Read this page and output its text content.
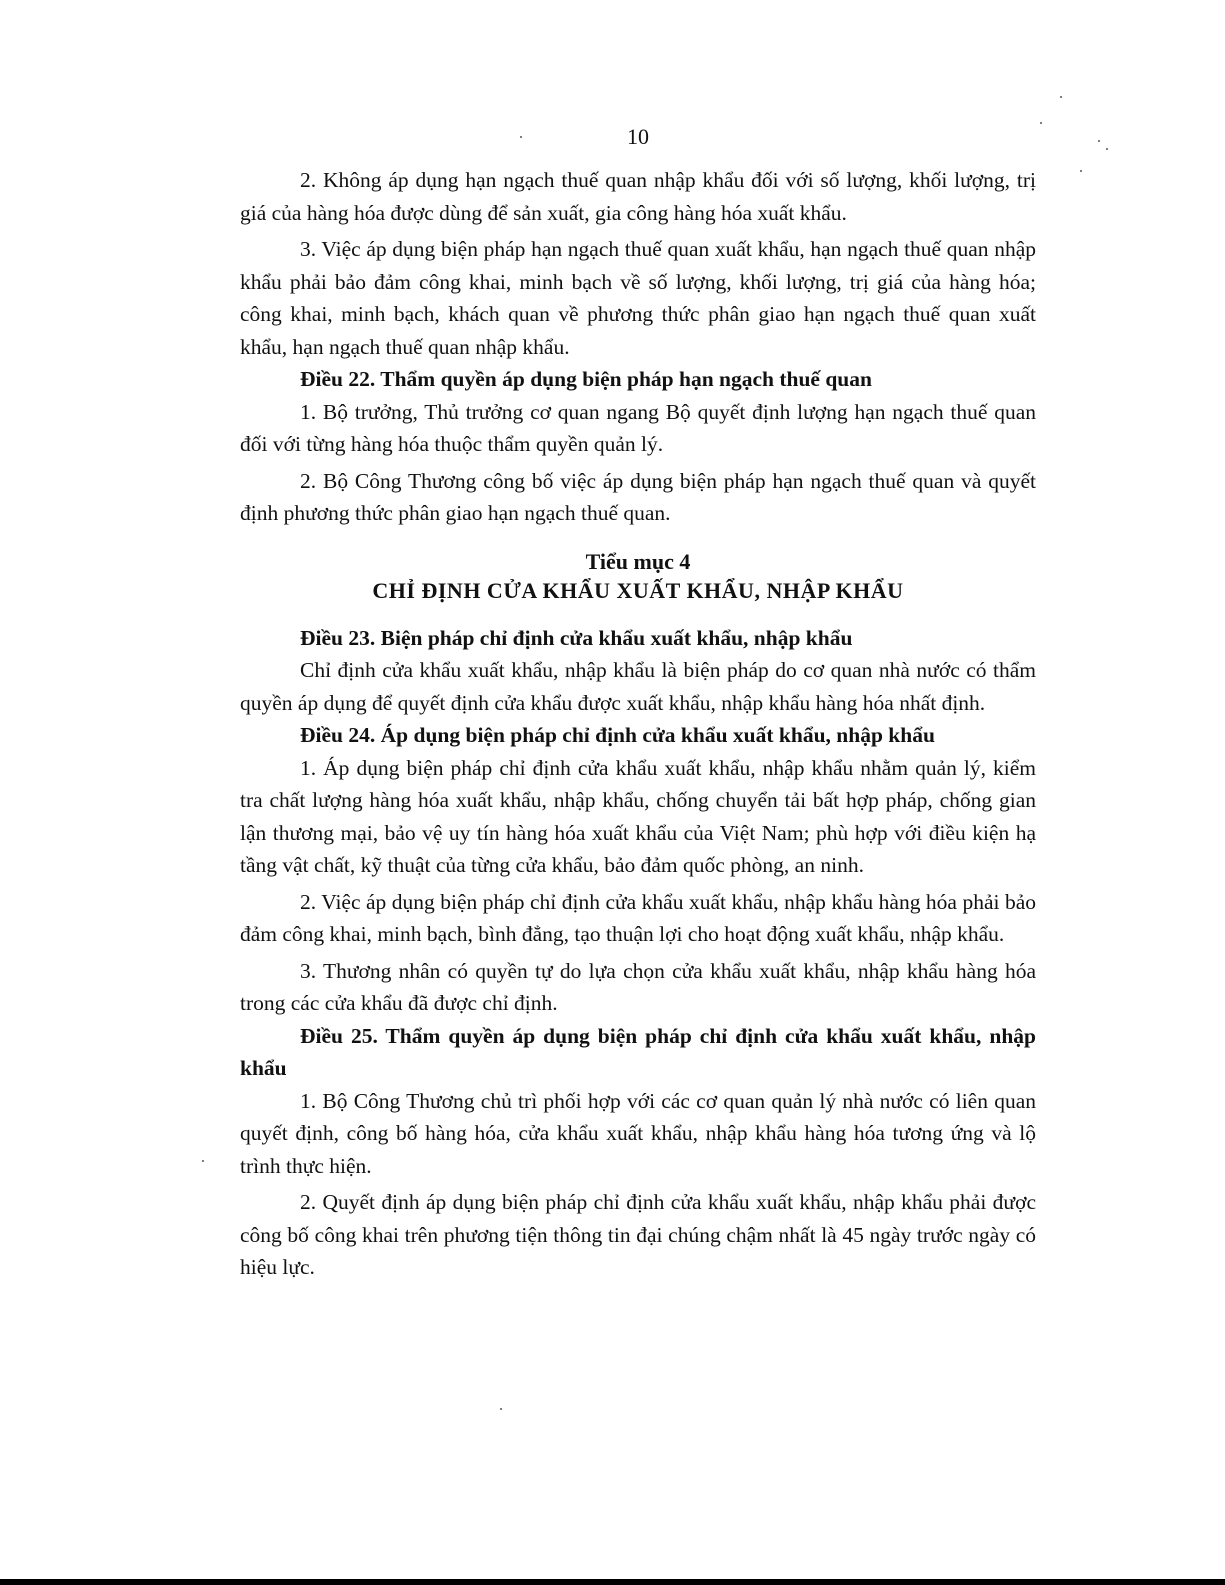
10

2. Không áp dụng hạn ngạch thuế quan nhập khẩu đối với số lượng, khối lượng, trị giá của hàng hóa được dùng để sản xuất, gia công hàng hóa xuất khẩu.

3. Việc áp dụng biện pháp hạn ngạch thuế quan xuất khẩu, hạn ngạch thuế quan nhập khẩu phải bảo đảm công khai, minh bạch về số lượng, khối lượng, trị giá của hàng hóa; công khai, minh bạch, khách quan về phương thức phân giao hạn ngạch thuế quan xuất khẩu, hạn ngạch thuế quan nhập khẩu.

Điều 22. Thẩm quyền áp dụng biện pháp hạn ngạch thuế quan

1. Bộ trưởng, Thủ trưởng cơ quan ngang Bộ quyết định lượng hạn ngạch thuế quan đối với từng hàng hóa thuộc thẩm quyền quản lý.

2. Bộ Công Thương công bố việc áp dụng biện pháp hạn ngạch thuế quan và quyết định phương thức phân giao hạn ngạch thuế quan.

Tiểu mục 4

CHỈ ĐỊNH CỬA KHẨU XUẤT KHẨU, NHẬP KHẨU

Điều 23. Biện pháp chỉ định cửa khẩu xuất khẩu, nhập khẩu

Chỉ định cửa khẩu xuất khẩu, nhập khẩu là biện pháp do cơ quan nhà nước có thẩm quyền áp dụng để quyết định cửa khẩu được xuất khẩu, nhập khẩu hàng hóa nhất định.

Điều 24. Áp dụng biện pháp chỉ định cửa khẩu xuất khẩu, nhập khẩu

1. Áp dụng biện pháp chỉ định cửa khẩu xuất khẩu, nhập khẩu nhằm quản lý, kiểm tra chất lượng hàng hóa xuất khẩu, nhập khẩu, chống chuyển tải bất hợp pháp, chống gian lận thương mại, bảo vệ uy tín hàng hóa xuất khẩu của Việt Nam; phù hợp với điều kiện hạ tầng vật chất, kỹ thuật của từng cửa khẩu, bảo đảm quốc phòng, an ninh.

2. Việc áp dụng biện pháp chỉ định cửa khẩu xuất khẩu, nhập khẩu hàng hóa phải bảo đảm công khai, minh bạch, bình đẳng, tạo thuận lợi cho hoạt động xuất khẩu, nhập khẩu.

3. Thương nhân có quyền tự do lựa chọn cửa khẩu xuất khẩu, nhập khẩu hàng hóa trong các cửa khẩu đã được chỉ định.

Điều 25. Thẩm quyền áp dụng biện pháp chỉ định cửa khẩu xuất khẩu, nhập khẩu

1. Bộ Công Thương chủ trì phối hợp với các cơ quan quản lý nhà nước có liên quan quyết định, công bố hàng hóa, cửa khẩu xuất khẩu, nhập khẩu hàng hóa tương ứng và lộ trình thực hiện.

2. Quyết định áp dụng biện pháp chỉ định cửa khẩu xuất khẩu, nhập khẩu phải được công bố công khai trên phương tiện thông tin đại chúng chậm nhất là 45 ngày trước ngày có hiệu lực.
